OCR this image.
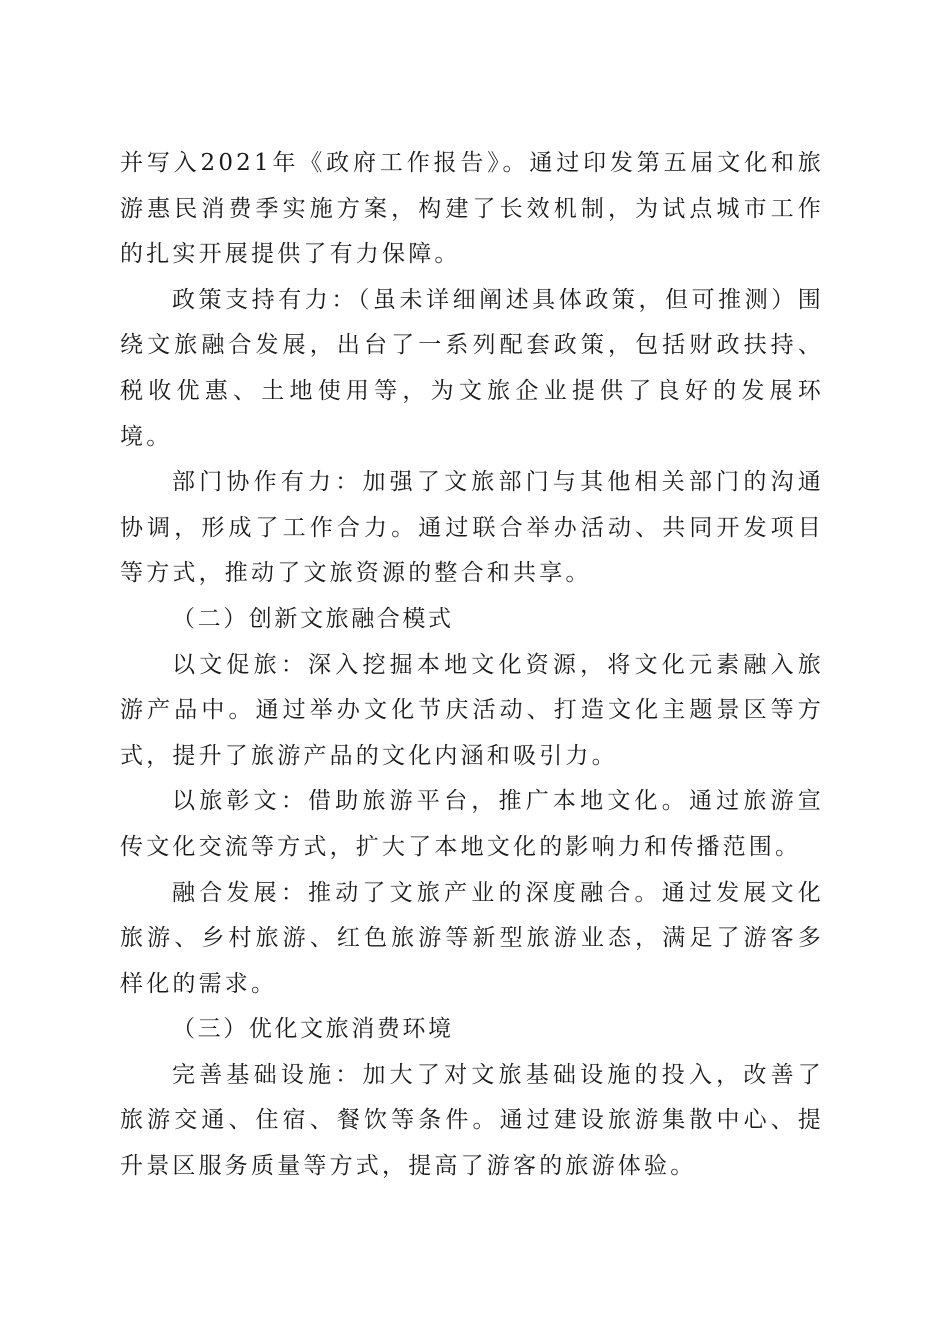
并写入2021年《政府工作报告》。通过印发第五届文化和旅游惠民消费季实施方案，构建了长效机制，为试点城市工作的扎实开展提供了有力保障。

政策支持有力：（虽未详细阐述具体政策，但可推测）围绕文旅融合发展，出台了一系列配套政策，包括财政扶持、税收优惠、土地使用等，为文旅企业提供了良好的发展环境。

部门协作有力：加强了文旅部门与其他相关部门的沟通协调，形成了工作合力。通过联合举办活动、共同开发项目等方式，推动了文旅资源的整合和共享。

（二）创新文旅融合模式

以文促旅：深入挖掘本地文化资源，将文化元素融入旅游产品中。通过举办文化节庆活动、打造文化主题景区等方式，提升了旅游产品的文化内涵和吸引力。

以旅彰文：借助旅游平台，推广本地文化。通过旅游宣传文化交流等方式，扩大了本地文化的影响力和传播范围。

融合发展：推动了文旅产业的深度融合。通过发展文化旅游、乡村旅游、红色旅游等新型旅游业态，满足了游客多样化的需求。

（三）优化文旅消费环境

完善基础设施：加大了对文旅基础设施的投入，改善了旅游交通、住宿、餐饮等条件。通过建设旅游集散中心、提升景区服务质量等方式，提高了游客的旅游体验。
